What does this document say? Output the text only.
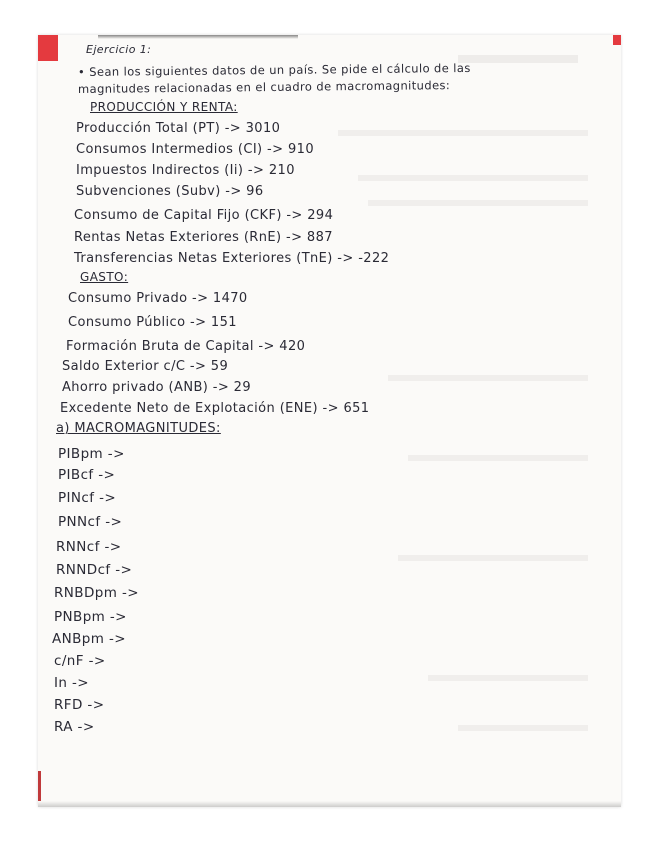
Ejercicio 1:
• Sean los siguientes datos de un país. Se pide el cálculo de las
magnitudes relacionadas en el cuadro de macromagnitudes:
PRODUCCIÓN Y RENTA:
Producción Total (PT) -> 3010
Consumos Intermedios (CI) -> 910
Impuestos Indirectos (Ii) -> 210
Subvenciones (Subv) -> 96
Consumo de Capital Fijo (CKF) -> 294
Rentas Netas Exteriores (RnE) -> 887
Transferencias Netas Exteriores (TnE) -> -222
GASTO:
Consumo Privado -> 1470
Consumo Público -> 151
Formación Bruta de Capital -> 420
Saldo Exterior c/C -> 59
Ahorro privado (ANB) -> 29
Excedente Neto de Explotación (ENE) -> 651
a) MACROMAGNITUDES:
PIBpm ->
PIBcf ->
PINcf ->
PNNcf ->
RNNcf ->
RNNDcf ->
RNBDpm ->
PNBpm ->
ANBpm ->
c/nF ->
In ->
RFD ->
RA ->
